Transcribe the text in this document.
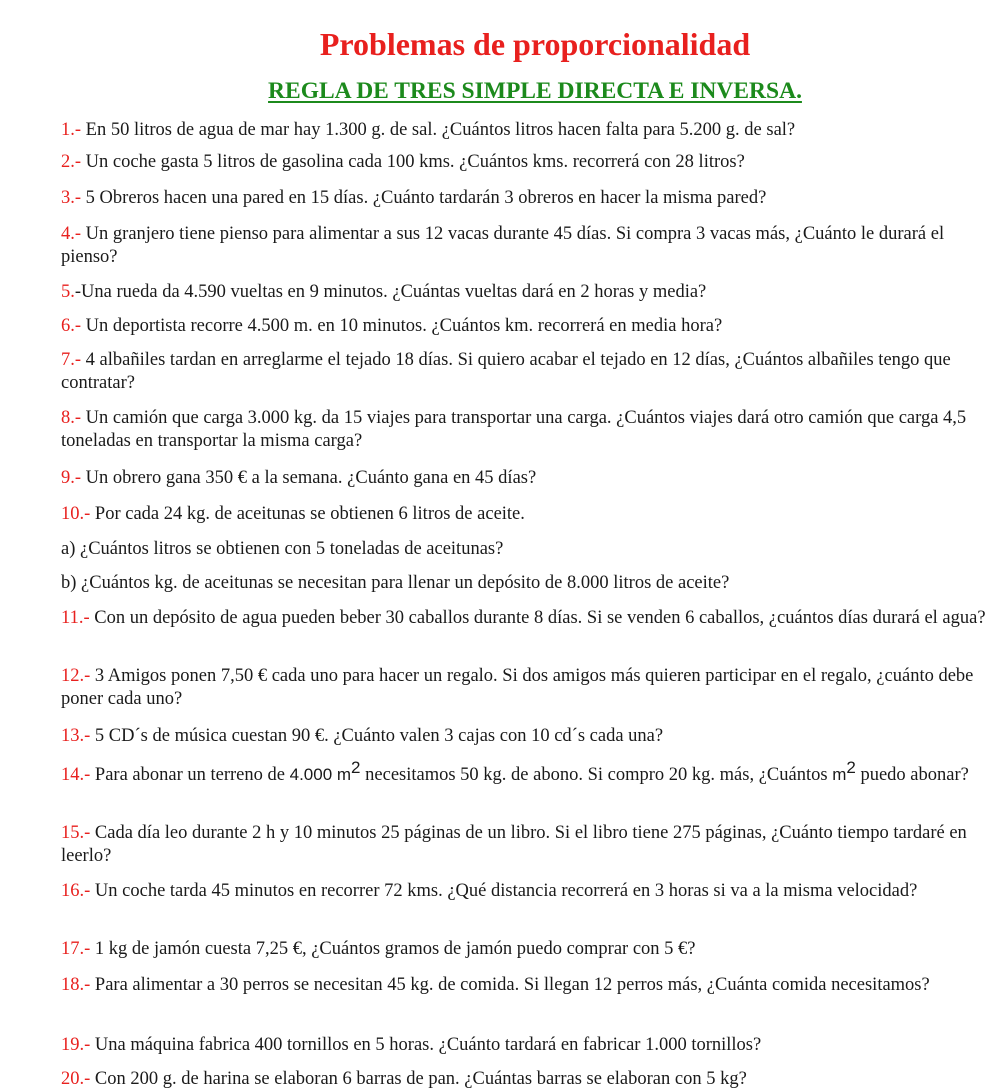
Problemas de proporcionalidad
REGLA DE TRES SIMPLE DIRECTA E INVERSA.

1.- En 50 litros de agua de mar hay 1.300 g. de sal. ¿Cuántos litros hacen falta para 5.200 g. de sal?

2.- Un coche gasta 5 litros de gasolina cada 100 kms. ¿Cuántos kms. recorrerá con 28 litros?

3.- 5 Obreros hacen una pared en 15 días. ¿Cuánto tardarán 3 obreros en hacer la misma pared?

4.- Un granjero tiene pienso para alimentar a sus 12 vacas durante 45 días. Si compra 3 vacas más, ¿Cuánto le durará el pienso?

5.-Una rueda da 4.590 vueltas en 9 minutos. ¿Cuántas vueltas dará en 2 horas y media?

6.- Un deportista recorre 4.500 m. en 10 minutos. ¿Cuántos km. recorrerá en media hora?

7.- 4 albañiles tardan en arreglarme el tejado 18 días. Si quiero acabar el tejado en 12 días, ¿Cuántos albañiles tengo que contratar?

8.- Un camión que carga 3.000 kg. da 15 viajes para transportar una carga. ¿Cuántos viajes dará otro camión que carga 4,5 toneladas en transportar la misma carga?

9.- Un obrero gana 350 € a la semana. ¿Cuánto gana en 45 días?

10.- Por cada 24 kg. de aceitunas se obtienen 6 litros de aceite.

a) ¿Cuántos litros se obtienen con 5 toneladas de aceitunas?

b) ¿Cuántos kg. de aceitunas se necesitan para llenar un depósito de 8.000 litros de aceite?

11.- Con un depósito de agua pueden beber 30 caballos durante 8 días. Si se venden 6 caballos, ¿cuántos días durará el agua?

12.- 3 Amigos ponen 7,50 € cada uno para hacer un regalo. Si dos amigos más quieren participar en el regalo, ¿cuánto debe poner cada uno?

13.- 5 CD´s de música cuestan 90 €. ¿Cuánto valen 3 cajas con 10 cd´s cada una?

14.- Para abonar un terreno de 4.000 m2 necesitamos 50 kg. de abono. Si compro 20 kg. más, ¿Cuántos m2 puedo abonar?

15.- Cada día leo durante 2 h y 10 minutos 25 páginas de un libro. Si el libro tiene 275 páginas, ¿Cuánto tiempo tardaré en leerlo?

16.- Un coche tarda 45 minutos en recorrer 72 kms. ¿Qué distancia recorrerá en 3 horas si va a la misma velocidad?

17.- 1 kg de jamón cuesta 7,25 €, ¿Cuántos gramos de jamón puedo comprar con 5 €?

18.- Para alimentar a 30 perros se necesitan 45 kg. de comida. Si llegan 12 perros más, ¿Cuánta comida necesitamos?

19.- Una máquina fabrica 400 tornillos en 5 horas. ¿Cuánto tardará en fabricar 1.000 tornillos?

20.- Con 200 g. de harina se elaboran 6 barras de pan. ¿Cuántas barras se elaboran con 5 kg?
